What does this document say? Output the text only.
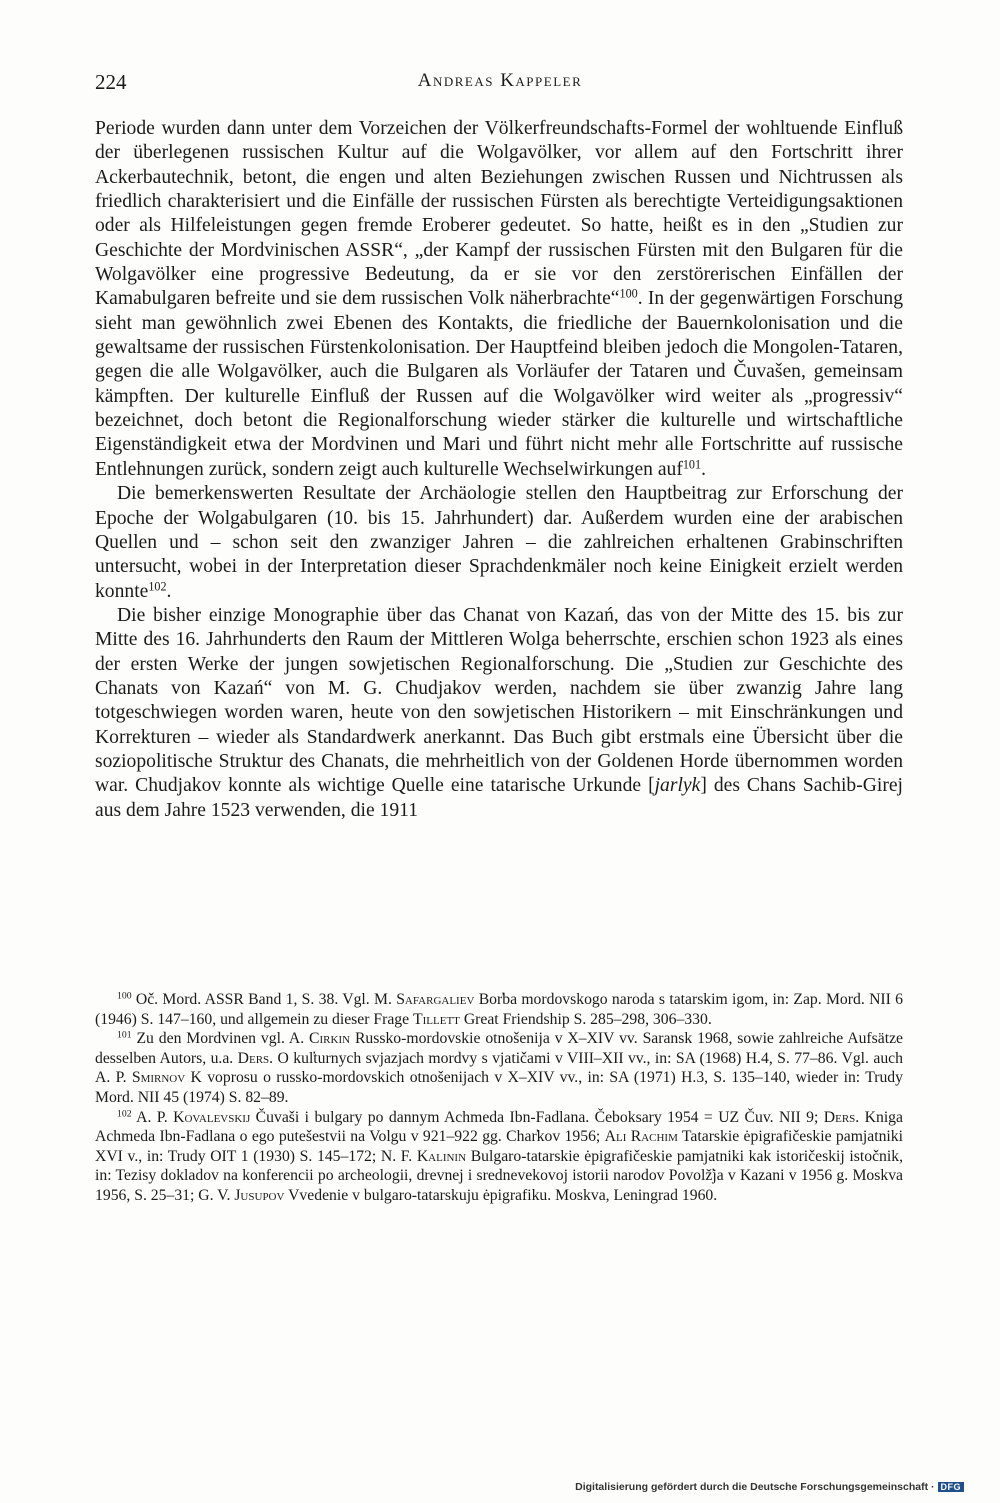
224	Andreas Kappeler

Periode wurden dann unter dem Vorzeichen der Völkerfreundschafts-Formel der wohltuende Einfluß der überlegenen russischen Kultur auf die Wolgavölker, vor allem auf den Fortschritt ihrer Ackerbautechnik, betont, die engen und alten Beziehungen zwischen Russen und Nichtrussen als friedlich charakterisiert und die Einfälle der russischen Fürsten als berechtigte Verteidigungsaktionen oder als Hilfeleistungen gegen fremde Eroberer gedeutet. So hatte, heißt es in den „Studien zur Geschichte der Mordvinischen ASSR“, „der Kampf der russischen Fürsten mit den Bulgaren für die Wolgavölker eine progressive Bedeutung, da er sie vor den zerstörerischen Einfällen der Kamabulgaren befreite und sie dem russischen Volk näherbrachte“$^{100}$. In der gegenwärtigen Forschung sieht man gewöhnlich zwei Ebenen des Kontakts, die friedliche der Bauernkolonisation und die gewaltsame der russischen Fürstenkolonisation. Der Hauptfeind bleiben jedoch die Mongolen-Tataren, gegen die alle Wolgavölker, auch die Bulgaren als Vorläufer der Tataren und Čuvašen, gemeinsam kämpften. Der kulturelle Einfluß der Russen auf die Wolgavölker wird weiter als „progressiv“ bezeichnet, doch betont die Regionalforschung wieder stärker die kulturelle und wirtschaftliche Eigenständigkeit etwa der Mordvinen und Mari und führt nicht mehr alle Fortschritte auf russische Entlehnungen zurück, sondern zeigt auch kulturelle Wechselwirkungen auf$^{101}$.

Die bemerkenswerten Resultate der Archäologie stellen den Hauptbeitrag zur Erforschung der Epoche der Wolgabulgaren (10. bis 15. Jahrhundert) dar. Außerdem wurden eine der arabischen Quellen und – schon seit den zwanziger Jahren – die zahlreichen erhaltenen Grabinschriften untersucht, wobei in der Interpretation dieser Sprachdenkmäler noch keine Einigkeit erzielt werden konnte$^{102}$.

Die bisher einzige Monographie über das Chanat von Kazań, das von der Mitte des 15. bis zur Mitte des 16. Jahrhunderts den Raum der Mittleren Wolga beherrschte, erschien schon 1923 als eines der ersten Werke der jungen sowjetischen Regionalforschung. Die „Studien zur Geschichte des Chanats von Kazań“ von M. G. Chudjakov werden, nachdem sie über zwanzig Jahre lang totgeschwiegen worden waren, heute von den sowjetischen Historikern – mit Einschränkungen und Korrekturen – wieder als Standardwerk anerkannt. Das Buch gibt erstmals eine Übersicht über die soziopolitische Struktur des Chanats, die mehrheitlich von der Goldenen Horde übernommen worden war. Chudjakov konnte als wichtige Quelle eine tatarische Urkunde [jarlyk] des Chans Sachib-Girej aus dem Jahre 1523 verwenden, die 1911

$^{100}$ Oč. Mord. ASSR Band 1, S. 38. Vgl. M. Safargaliev Bor̕ba mordovskogo naroda s tatarskim igom, in: Zap. Mord. NII 6 (1946) S. 147–160, und allgemein zu dieser Frage Tillett Great Friendship S. 285–298, 306–330.

$^{101}$ Zu den Mordvinen vgl. A. Cirkin Russko-mordovskie otnošenija v X–XIV vv. Saransk 1968, sowie zahlreiche Aufsätze desselben Autors, u.a. Ders. O kul̕turnych svjazjach mordvy s vjatičami v VIII–XII vv., in: SA (1968) H.4, S. 77–86. Vgl. auch A. P. Smirnov K voprosu o russko-mordovskich otnošenijach v X–XIV vv., in: SA (1971) H.3, S. 135–140, wieder in: Trudy Mord. NII 45 (1974) S. 82–89.

$^{102}$ A. P. Kovalevskij Čuvaši i bulgary po dannym Achmeda Ibn-Fadlana. Čeboksary 1954 = UZ Čuv. NII 9; Ders. Kniga Achmeda Ibn-Fadlana o ego putešestvii na Volgu v 921–922 gg. Char̕kov 1956; Ali Rachim Tatarskie ėpigrafičeskie pamjatniki XVI v., in: Trudy OIT 1 (1930) S. 145–172; N. F. Kalinin Bulgaro-tatarskie ėpigrafičeskie pamjatniki kak istoričeskij istočnik, in: Tezisy dokladov na konferencii po archeologii, drevnej i srednevekovoj istorii narodov Povolž̕ja v Kazani v 1956 g. Moskva 1956, S. 25–31; G. V. Jusupov Vvedenie v bulgaro-tatarskuju ėpigrafiku. Moskva, Leningrad 1960.

Digitalisierung gefördert durch die Deutsche Forschungsgemeinschaft · DFG
